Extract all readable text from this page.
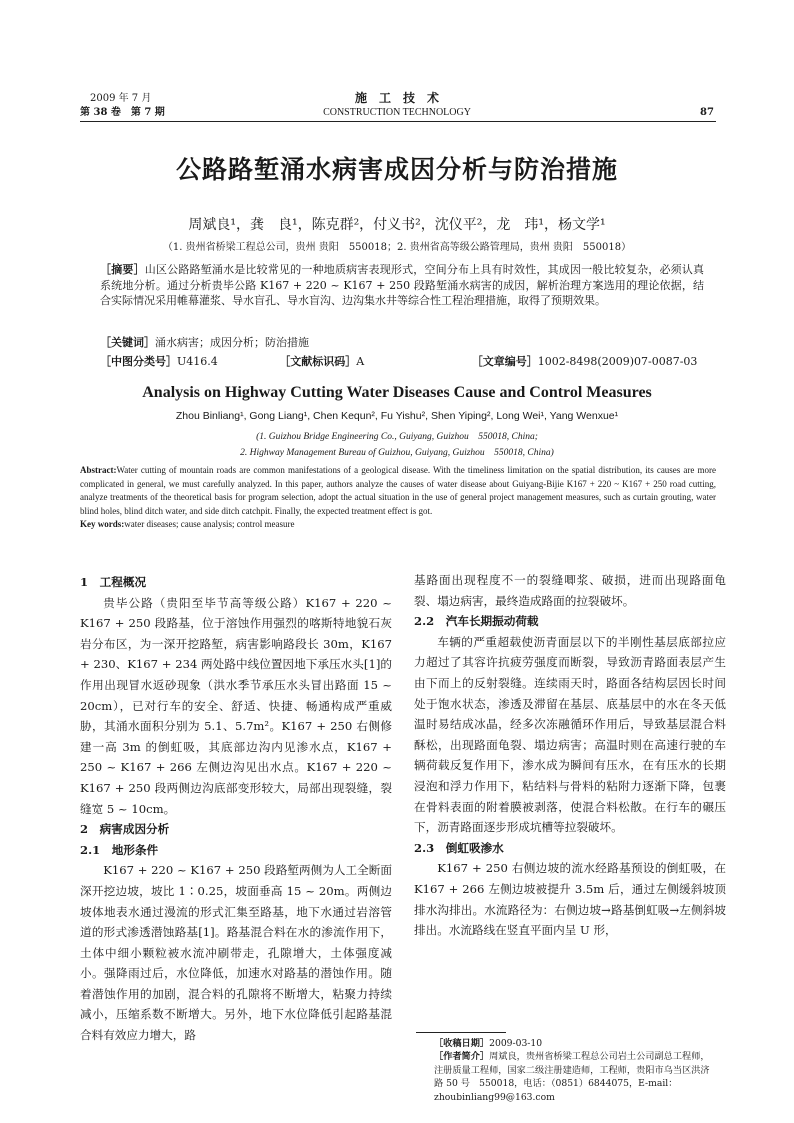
2009 年 7 月
第 38 卷　第 7 期
施　工　技　术
CONSTRUCTION TECHNOLOGY	87
公路路堑涌水病害成因分析与防治措施
周斌良¹，龚　良¹，陈克群²，付义书²，沈仪平²，龙　玮¹，杨文学¹
（1. 贵州省桥梁工程总公司，贵州 贵阳　550018；2. 贵州省高等级公路管理局，贵州 贵阳　550018）
［摘要］山区公路路堑涌水是比较常见的一种地质病害表现形式，空间分布上具有时效性，其成因一般比较复杂，必须认真系统地分析。通过分析贵毕公路 K167 + 220 ~ K167 + 250 段路堑涌水病害的成因，解析治理方案选用的理论依据，结合实际情况采用帷幕灌浆、导水盲孔、导水盲沟、边沟集水井等综合性工程治理措施，取得了预期效果。
［关键词］涌水病害；成因分析；防治措施
［中图分类号］U416.4	［文献标识码］A	［文章编号］1002-8498(2009)07-0087-03
Analysis on Highway Cutting Water Diseases Cause and Control Measures
Zhou Binliang¹, Gong Liang¹, Chen Kequn², Fu Yishu², Shen Yiping², Long Wei¹, Yang Wenxue¹
(1. Guizhou Bridge Engineering Co., Guiyang, Guizhou　550018, China;
2. Highway Management Bureau of Guizhou, Guiyang, Guizhou　550018, China)
Abstract:Water cutting of mountain roads are common manifestations of a geological disease. With the timeliness limitation on the spatial distribution, its causes are more complicated in general, we must carefully analyzed. In this paper, authors analyze the causes of water disease about Guiyang-Bijie K167 + 220 ~ K167 + 250 road cutting, analyze treatments of the theoretical basis for program selection, adopt the actual situation in the use of general project management measures, such as curtain grouting, water blind holes, blind ditch water, and side ditch catchpit. Finally, the expected treatment effect is got.
Key words:water diseases; cause analysis; control measure
1　工程概况

贵毕公路（贵阳至毕节高等级公路）K167 + 220 ~ K167 + 250 段路基，位于溶蚀作用强烈的喀斯特地貌石灰岩分布区，为一深开挖路堑，病害影响路段长 30m，K167 + 230、K167 + 234 两处路中线位置因地下承压水头[1]的作用出现冒水返砂现象（洪水季节承压水头冒出路面 15 ~ 20cm），已对行车的安全、舒适、快捷、畅通构成严重威胁，其涌水面积分别为 5.1、5.7m²。K167 + 250 右侧修建一高 3m 的倒虹吸，其底部边沟内见渗水点，K167 + 250 ~ K167 + 266 左侧边沟见出水点。K167 + 220 ~ K167 + 250 段两侧边沟底部变形较大，局部出现裂缝，裂缝宽 5 ~ 10cm。

2　病害成因分析
2.1　地形条件

K167 + 220 ~ K167 + 250 段路堑两侧为人工全断面深开挖边坡，坡比 1∶0.25，坡面垂高 15 ~ 20m。两侧边坡体地表水通过漫流的形式汇集至路基，地下水通过岩溶管道的形式渗透潜蚀路基[1]。路基混合料在水的渗流作用下，土体中细小颗粒被水流冲刷带走，孔隙增大，土体强度减小。强降雨过后，水位降低，加速水对路基的潜蚀作用。随着潜蚀作用的加剧，混合料的孔隙将不断增大，粘聚力持续减小，压缩系数不断增大。另外，地下水位降低引起路基混合料有效应力增大，路

基路面出现程度不一的裂缝唧浆、破损，进而出现路面龟裂、塌边病害，最终造成路面的拉裂破坏。

2.2　汽车长期振动荷载

车辆的严重超载使沥青面层以下的半刚性基层底部拉应力超过了其容许抗疲劳强度而断裂，导致沥青路面表层产生由下而上的反射裂缝。连续雨天时，路面各结构层因长时间处于饱水状态，渗透及滞留在基层、底基层中的水在冬天低温时易结成冰晶，经多次冻融循环作用后，导致基层混合料酥松，出现路面龟裂、塌边病害；高温时则在高速行驶的车辆荷载反复作用下，渗水成为瞬间有压水，在有压水的长期浸泡和浮力作用下，粘结料与骨料的粘附力逐渐下降，包裹在骨料表面的附着膜被剥落，使混合料松散。在行车的碾压下，沥青路面逐步形成坑槽等拉裂破坏。

2.3　倒虹吸渗水

K167 + 250 右侧边坡的流水经路基预设的倒虹吸，在 K167 + 266 左侧边坡被提升 3.5m 后，通过左侧缓斜坡顶排水沟排出。水流路径为：右侧边坡→路基倒虹吸→左侧斜坡排出。水流路线在竖直平面内呈 U 形，

［收稿日期］2009-03-10
［作者简介］周斌良，贵州省桥梁工程总公司岩土公司副总工程师，注册质量工程师，国家二级注册建造师，工程师，贵阳市乌当区洪济路 50 号　550018，电话：（0851）6844075，E-mail：zhoubinliang99@163.com
